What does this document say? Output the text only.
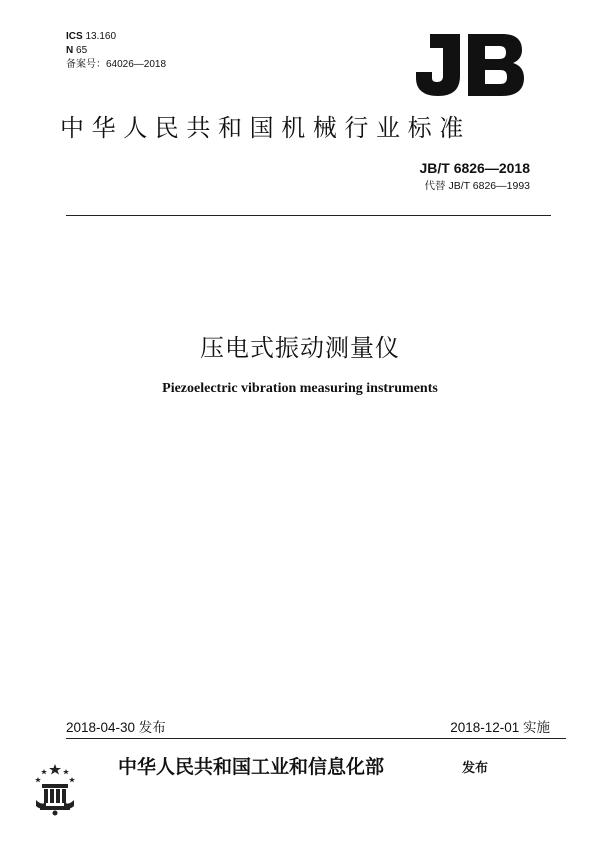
ICS 13.160
N 65
备案号：64026—2018
中华人民共和国机械行业标准
JB/T 6826—2018
代替 JB/T 6826—1993
压电式振动测量仪
Piezoelectric vibration measuring instruments
2018-04-30 发布	2018-12-01 实施
中华人民共和国工业和信息化部	发布
